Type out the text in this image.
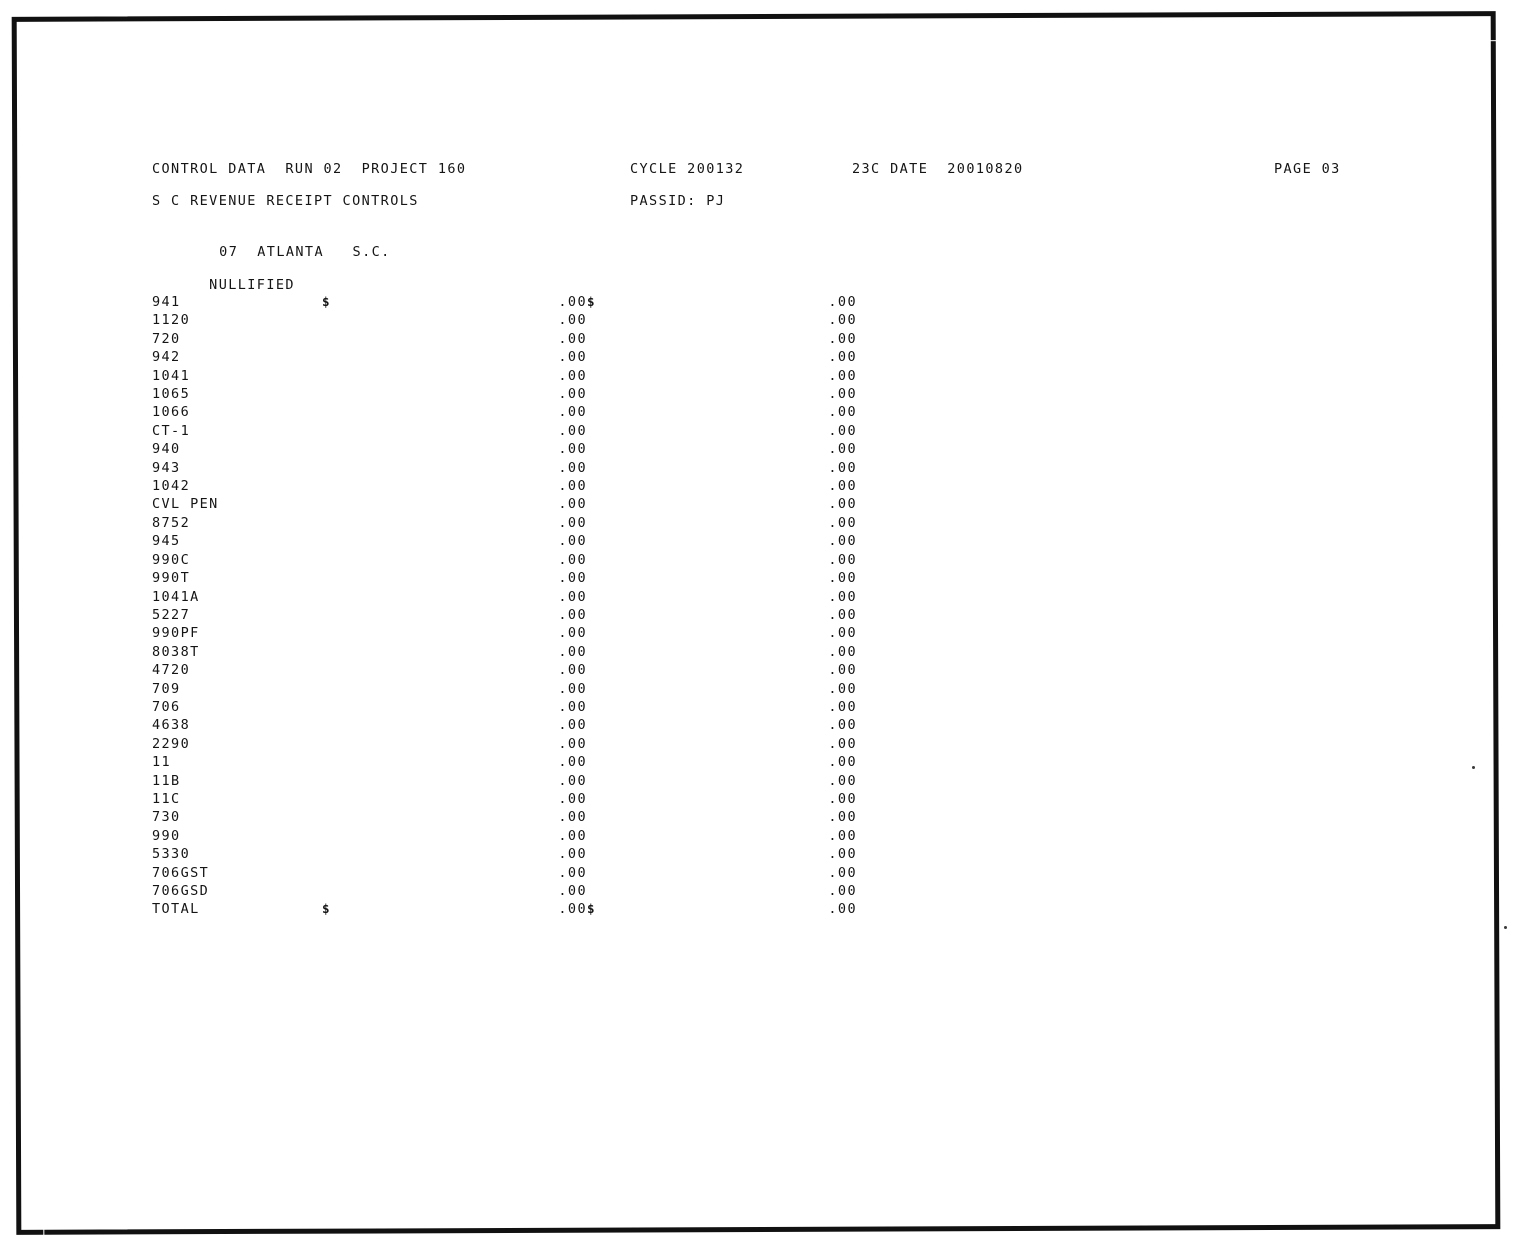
CONTROL DATA  RUN 02  PROJECT 160

	CYCLE 200132

	23C DATE  20010820

	PAGE 03

S C REVENUE RECEIPT CONTROLS

	PASSID: PJ

07  ATLANTA   S.C.

NULLIFIED

941	$	.00	$	.00
1120		.00		.00
720		.00		.00
942		.00		.00
1041		.00		.00
1065		.00		.00
1066		.00		.00
CT-1		.00		.00
940		.00		.00
943		.00		.00
1042		.00		.00
CVL PEN		.00		.00
8752		.00		.00
945		.00		.00
990C		.00		.00
990T		.00		.00
1041A		.00		.00
5227		.00		.00
990PF		.00		.00
8038T		.00		.00
4720		.00		.00
709		.00		.00
706		.00		.00
4638		.00		.00
2290		.00		.00
11		.00		.00
11B		.00		.00
11C		.00		.00
730		.00		.00
990		.00		.00
5330		.00		.00
706GST		.00		.00
706GSD		.00		.00
TOTAL	$	.00	$	.00
